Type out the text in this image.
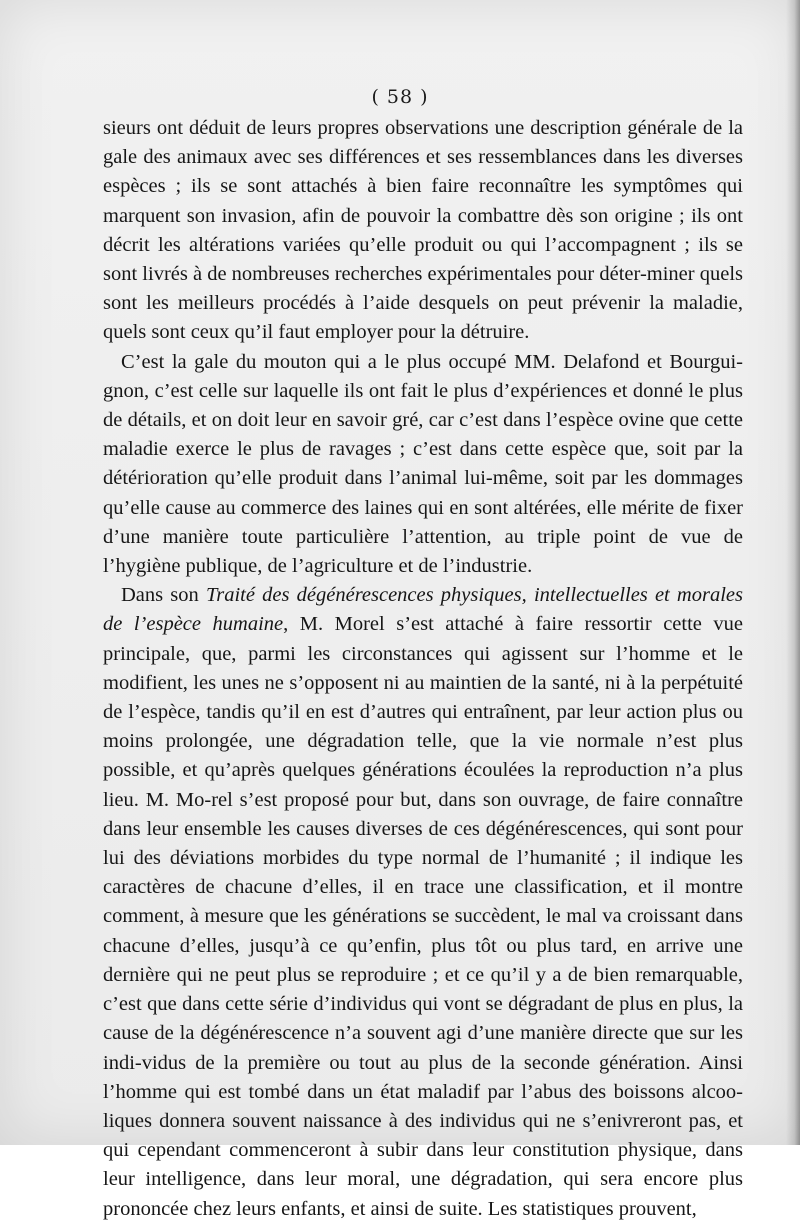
( 58 )

sieurs ont déduit de leurs propres observations une description générale de la gale des animaux avec ses différences et ses ressemblances dans les diverses espèces ; ils se sont attachés à bien faire reconnaître les symptômes qui marquent son invasion, afin de pouvoir la combattre dès son origine ; ils ont décrit les altérations variées qu’elle produit ou qui l’accompagnent ; ils se sont livrés à de nombreuses recherches expérimentales pour déter-miner quels sont les meilleurs procédés à l’aide desquels on peut prévenir la maladie, quels sont ceux qu’il faut employer pour la détruire.

C’est la gale du mouton qui a le plus occupé MM. Delafond et Bourgui-gnon, c’est celle sur laquelle ils ont fait le plus d’expériences et donné le plus de détails, et on doit leur en savoir gré, car c’est dans l’espèce ovine que cette maladie exerce le plus de ravages ; c’est dans cette espèce que, soit par la détérioration qu’elle produit dans l’animal lui-même, soit par les dommages qu’elle cause au commerce des laines qui en sont altérées, elle mérite de fixer d’une manière toute particulière l’attention, au triple point de vue de l’hygiène publique, de l’agriculture et de l’industrie.

Dans son Traité des dégénérescences physiques, intellectuelles et morales de l’espèce humaine, M. Morel s’est attaché à faire ressortir cette vue principale, que, parmi les circonstances qui agissent sur l’homme et le modifient, les unes ne s’opposent ni au maintien de la santé, ni à la perpétuité de l’espèce, tandis qu’il en est d’autres qui entraînent, par leur action plus ou moins prolongée, une dégradation telle, que la vie normale n’est plus possible, et qu’après quelques générations écoulées la reproduction n’a plus lieu. M. Mo-rel s’est proposé pour but, dans son ouvrage, de faire connaître dans leur ensemble les causes diverses de ces dégénérescences, qui sont pour lui des déviations morbides du type normal de l’humanité ; il indique les caractères de chacune d’elles, il en trace une classification, et il montre comment, à mesure que les générations se succèdent, le mal va croissant dans chacune d’elles, jusqu’à ce qu’enfin, plus tôt ou plus tard, en arrive une dernière qui ne peut plus se reproduire ; et ce qu’il y a de bien remarquable, c’est que dans cette série d’individus qui vont se dégradant de plus en plus, la cause de la dégénérescence n’a souvent agi d’une manière directe que sur les indi-vidus de la première ou tout au plus de la seconde génération. Ainsi l’homme qui est tombé dans un état maladif par l’abus des boissons alcoo-liques donnera souvent naissance à des individus qui ne s’enivreront pas, et qui cependant commenceront à subir dans leur constitution physique, dans leur intelligence, dans leur moral, une dégradation, qui sera encore plus prononcée chez leurs enfants, et ainsi de suite. Les statistiques prouvent,
